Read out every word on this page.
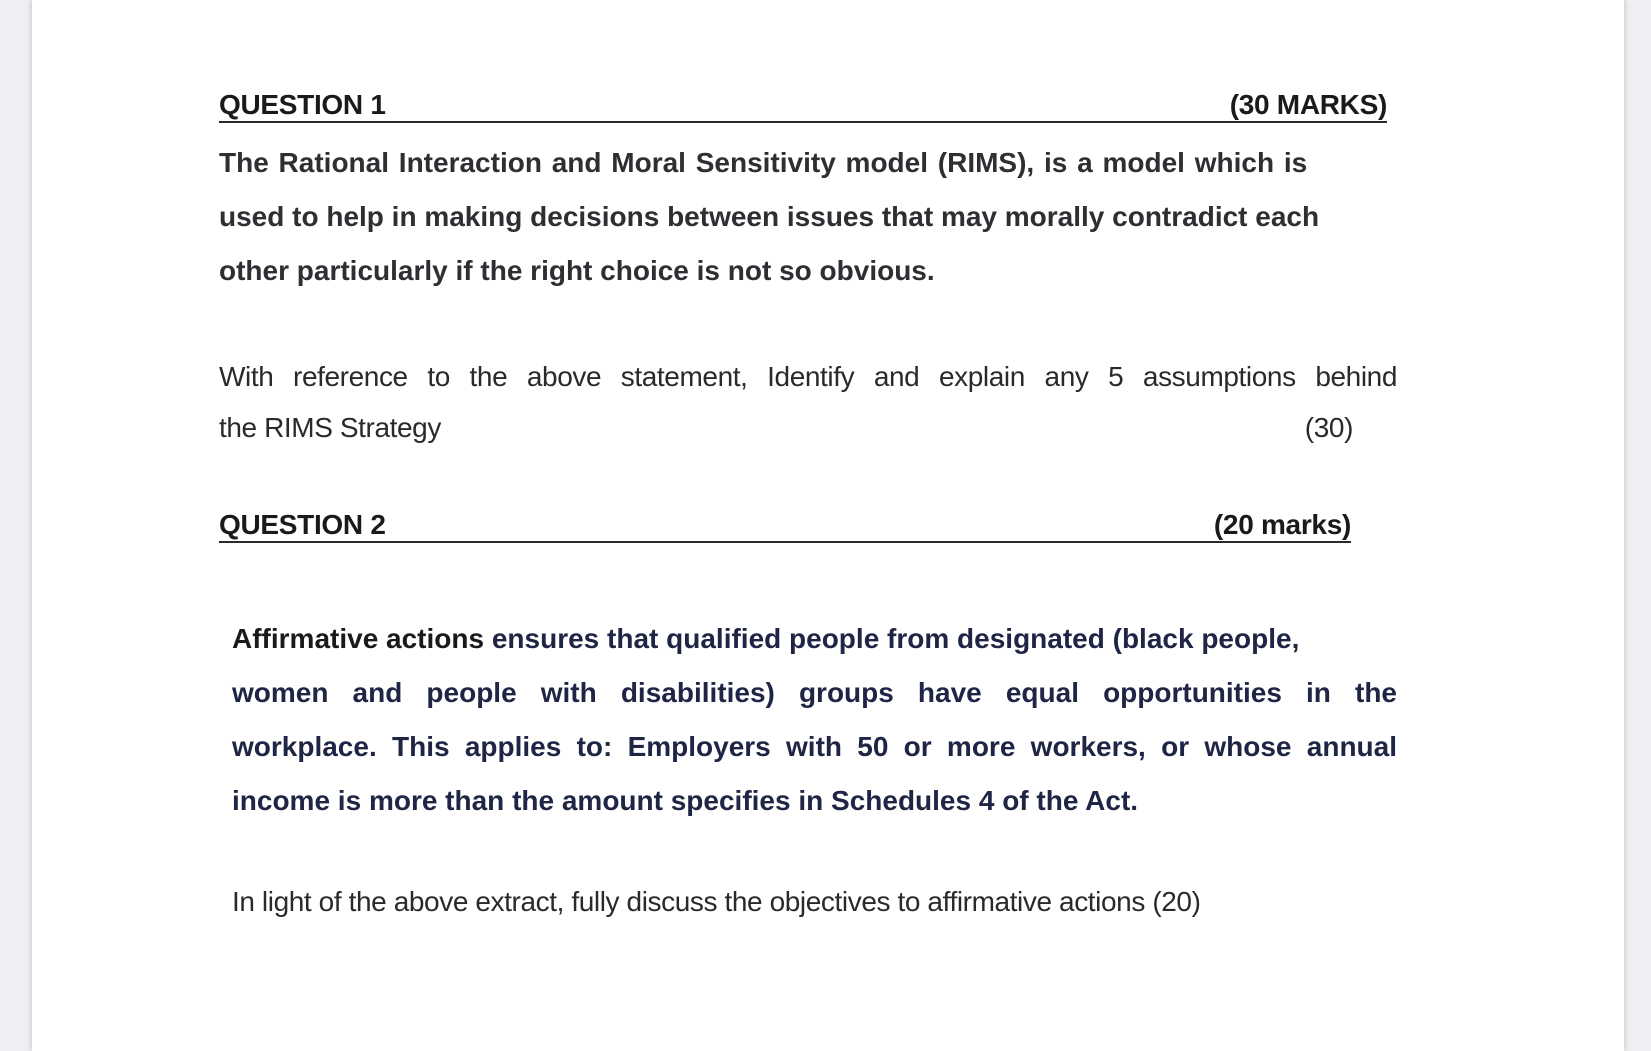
QUESTION 1	(30 MARKS)
The Rational Interaction and Moral Sensitivity model (RIMS), is a model which is
used to help in making decisions between issues that may morally contradict each
other particularly if the right choice is not so obvious.
With reference to the above statement, Identify and explain any 5 assumptions behind
the RIMS Strategy	(30)
QUESTION 2	(20 marks)
Affirmative actions ensures that qualified people from designated (black people,
women and people with disabilities) groups have equal opportunities in the
workplace. This applies to: Employers with 50 or more workers, or whose annual
income is more than the amount specifies in Schedules 4 of the Act.
In light of the above extract, fully discuss the objectives to affirmative actions (20)
